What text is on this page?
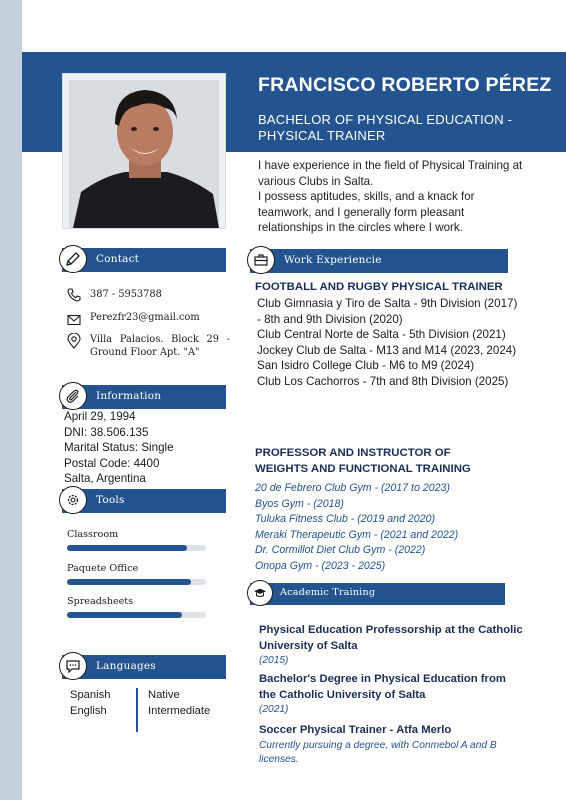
FRANCISCO ROBERTO PÉREZ
BACHELOR OF PHYSICAL EDUCATION - PHYSICAL TRAINER

I have experience in the field of Physical Training at various Clubs in Salta.

I possess aptitudes, skills, and a knack for teamwork, and I generally form pleasant relationships in the circles where I work.

Contact
387 - 5953788
Perezfr23@gmail.com
Villa Palacios. Block 29 -
Ground Floor Apt. "A"
Information
April 29, 1994
DNI: 38.506.135
Marital Status: Single
Postal Code: 4400
Salta, Argentina
Tools
Classroom
Paquete Office
Spreadsheets
Languages
Spanish
English
Native
Intermediate
Work Experiencie
FOOTBALL AND RUGBY PHYSICAL TRAINER
Club Gimnasia y Tiro de Salta - 9th Division (2017) - 8th and 9th Division (2020)
Club Central Norte de Salta - 5th Division (2021)
Jockey Club de Salta - M13 and M14 (2023, 2024)
San Isidro College Club - M6 to M9 (2024)
Club Los Cachorros - 7th and 8th Division (2025)
PROFESSOR AND INSTRUCTOR OF
WEIGHTS AND FUNCTIONAL TRAINING
20 de Febrero Club Gym - (2017 to 2023)
Byos Gym - (2018)
Tuluka Fitness Club - (2019 and 2020)
Meraki Therapeutic Gym - (2021 and 2022)
Dr. Cormillot Diet Club Gym - (2022)
Onopa Gym - (2023 - 2025)
Academic Training
Physical Education Professorship at the Catholic University of Salta
(2015)
Bachelor's Degree in Physical Education from the Catholic University of Salta
(2021)
Soccer Physical Trainer - Atfa Merlo
Currently pursuing a degree, with Conmebol A and B licenses.
